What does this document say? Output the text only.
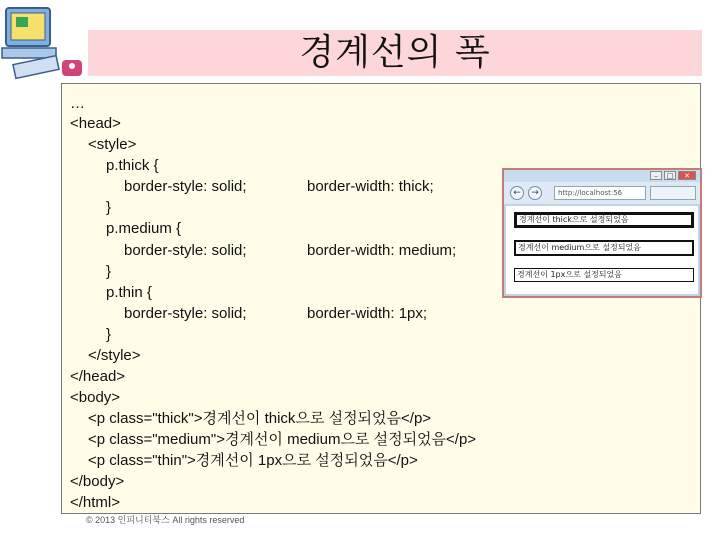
경계선의 폭
…
<head>
<style>
p.thick {
border-style: solid;	border-width: thick;
}
p.medium {
border-style: solid;	border-width: medium;
}
p.thin {
border-style: solid;	border-width: 1px;
}
</style>
</head>
<body>
<p class="thick">경계선이 thick으로 설정되었음</p>
<p class="medium">경계선이 medium으로 설정되었음</p>
<p class="thin">경계선이 1px으로 설정되었음</p>
</body>
</html>
© 2013 인피니티북스 All rights reserved
–	□	✕
←	→	http://localhost:56
경계선이 thick으로 설정되었음
경계선이 medium으로 설정되었음
경계선이 1px으로 설정되었음
